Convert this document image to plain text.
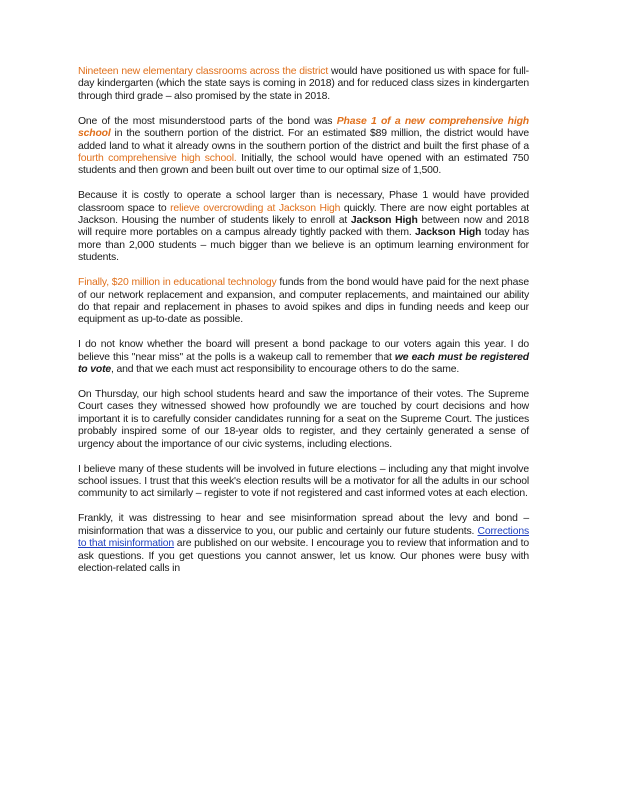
Nineteen new elementary classrooms across the district would have positioned us with space for full-day kindergarten (which the state says is coming in 2018) and for reduced class sizes in kindergarten through third grade – also promised by the state in 2018.

One of the most misunderstood parts of the bond was Phase 1 of a new comprehensive high school in the southern portion of the district. For an estimated $89 million, the district would have added land to what it already owns in the southern portion of the district and built the first phase of a fourth comprehensive high school. Initially, the school would have opened with an estimated 750 students and then grown and been built out over time to our optimal size of 1,500.

Because it is costly to operate a school larger than is necessary, Phase 1 would have provided classroom space to relieve overcrowding at Jackson High quickly. There are now eight portables at Jackson. Housing the number of students likely to enroll at Jackson High between now and 2018 will require more portables on a campus already tightly packed with them. Jackson High today has more than 2,000 students – much bigger than we believe is an optimum learning environment for students.

Finally, $20 million in educational technology funds from the bond would have paid for the next phase of our network replacement and expansion, and computer replacements, and maintained our ability do that repair and replacement in phases to avoid spikes and dips in funding needs and keep our equipment as up-to-date as possible.

I do not know whether the board will present a bond package to our voters again this year. I do believe this "near miss" at the polls is a wakeup call to remember that we each must be registered to vote, and that we each must act responsibility to encourage others to do the same.

On Thursday, our high school students heard and saw the importance of their votes. The Supreme Court cases they witnessed showed how profoundly we are touched by court decisions and how important it is to carefully consider candidates running for a seat on the Supreme Court. The justices probably inspired some of our 18-year olds to register, and they certainly generated a sense of urgency about the importance of our civic systems, including elections.

I believe many of these students will be involved in future elections – including any that might involve school issues. I trust that this week's election results will be a motivator for all the adults in our school community to act similarly – register to vote if not registered and cast informed votes at each election.

Frankly, it was distressing to hear and see misinformation spread about the levy and bond – misinformation that was a disservice to you, our public and certainly our future students. Corrections to that misinformation are published on our website. I encourage you to review that information and to ask questions. If you get questions you cannot answer, let us know. Our phones were busy with election-related calls in
